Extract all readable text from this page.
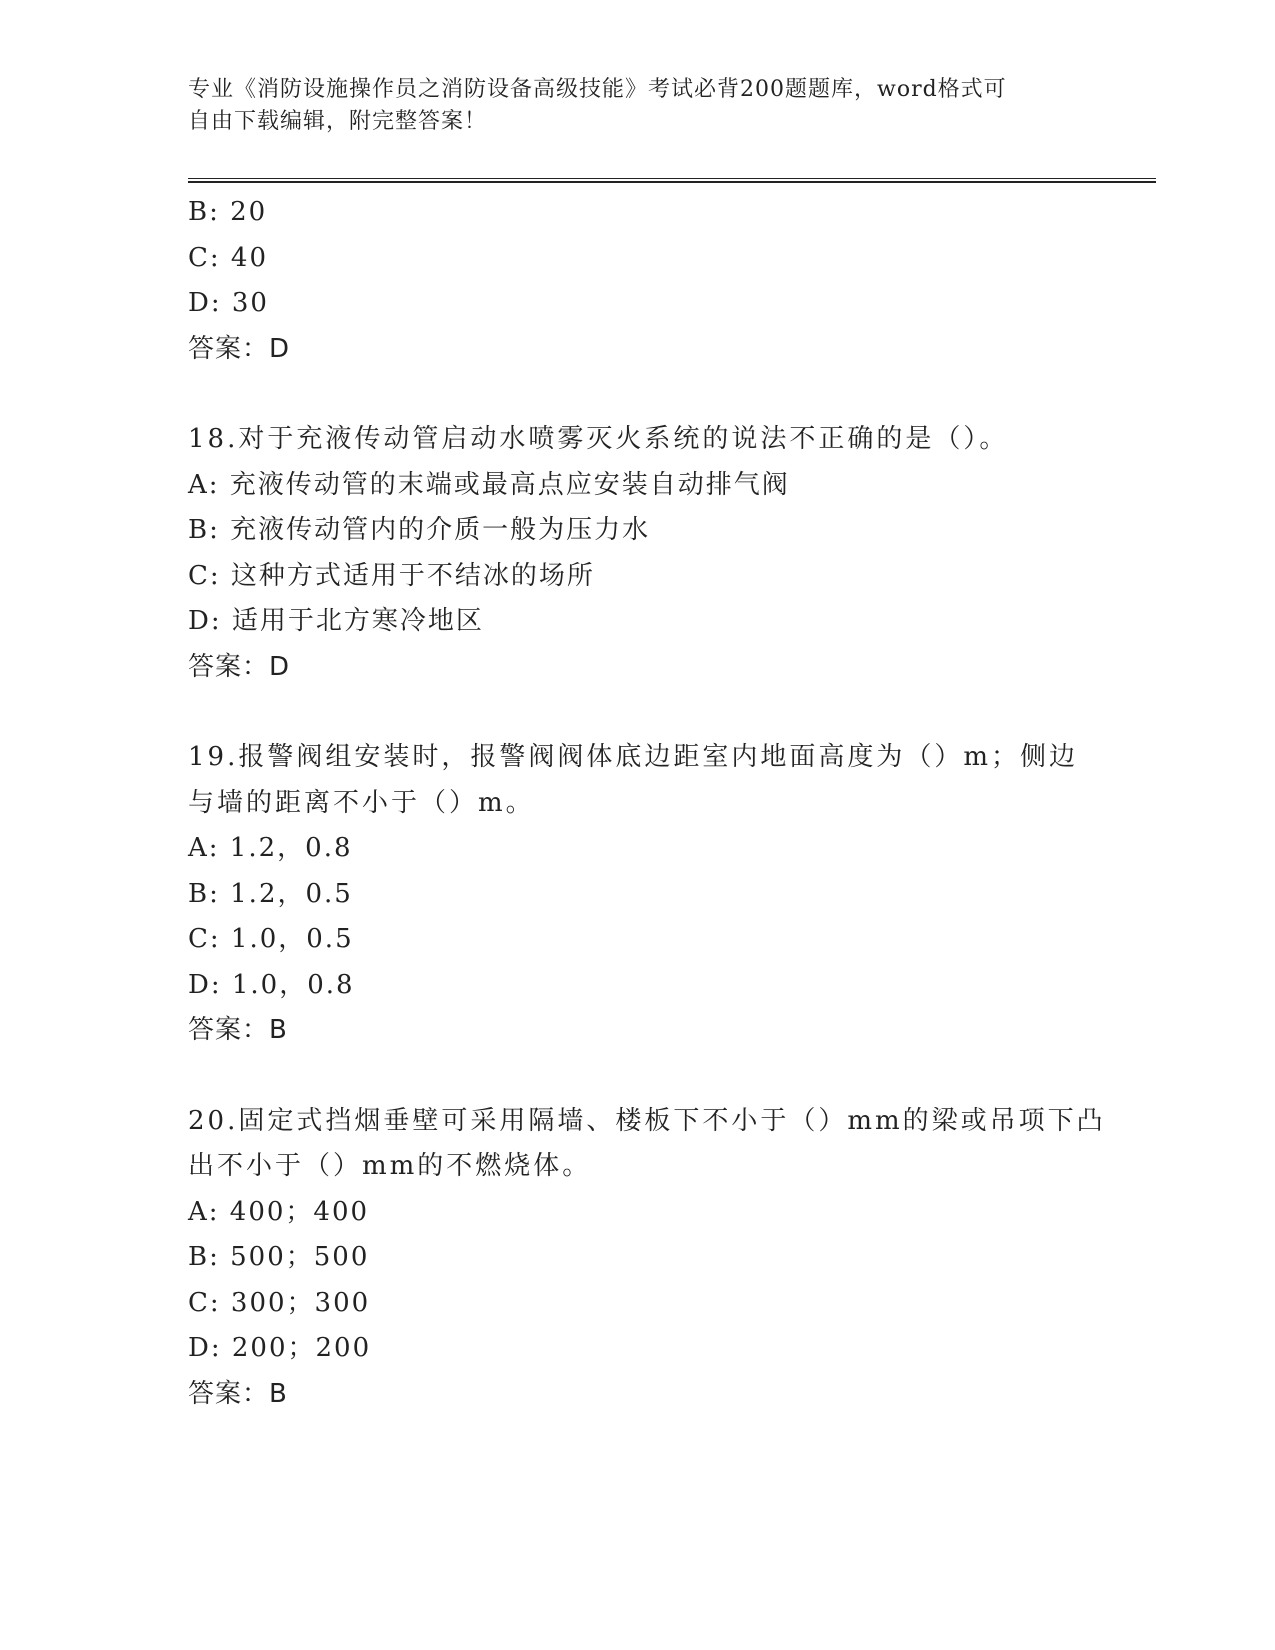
专业《消防设施操作员之消防设备高级技能》考试必背200题题库，word格式可
自由下载编辑，附完整答案！
B: 20
C: 40
D: 30
答案：D
18.对于充液传动管启动水喷雾灭火系统的说法不正确的是（）。
A: 充液传动管的末端或最高点应安装自动排气阀
B: 充液传动管内的介质一般为压力水
C: 这种方式适用于不结冰的场所
D: 适用于北方寒冷地区
答案：D
19.报警阀组安装时，报警阀阀体底边距室内地面高度为（）m；侧边
与墙的距离不小于（）m。
A: 1.2，0.8
B: 1.2，0.5
C: 1.0，0.5
D: 1.0，0.8
答案：B
20.固定式挡烟垂壁可采用隔墙、楼板下不小于（）mm的梁或吊项下凸
出不小于（）mm的不燃烧体。
A: 400；400
B: 500；500
C: 300；300
D: 200；200
答案：B
